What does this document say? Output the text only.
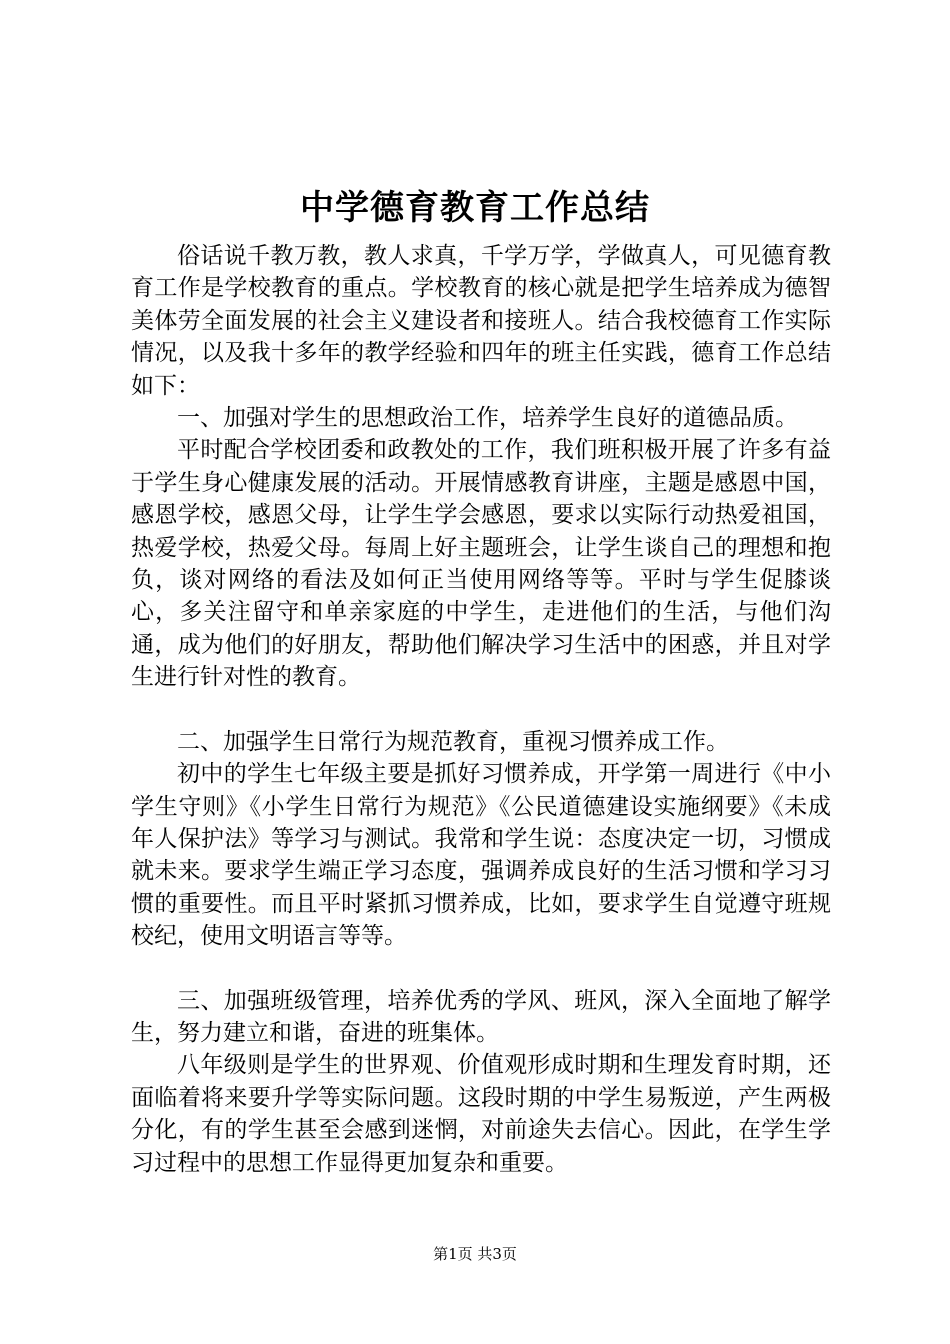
中学德育教育工作总结

俗话说千教万教，教人求真，千学万学，学做真人，可见德育教育工作是学校教育的重点。学校教育的核心就是把学生培养成为德智美体劳全面发展的社会主义建设者和接班人。结合我校德育工作实际情况，以及我十多年的教学经验和四年的班主任实践，德育工作总结如下：

一、加强对学生的思想政治工作，培养学生良好的道德品质。

平时配合学校团委和政教处的工作，我们班积极开展了许多有益于学生身心健康发展的活动。开展情感教育讲座，主题是感恩中国，感恩学校，感恩父母，让学生学会感恩，要求以实际行动热爱祖国，热爱学校，热爱父母。每周上好主题班会，让学生谈自己的理想和抱负，谈对网络的看法及如何正当使用网络等等。平时与学生促膝谈心，多关注留守和单亲家庭的中学生，走进他们的生活，与他们沟通，成为他们的好朋友，帮助他们解决学习生活中的困惑，并且对学生进行针对性的教育。

二、加强学生日常行为规范教育，重视习惯养成工作。

初中的学生七年级主要是抓好习惯养成，开学第一周进行《中小学生守则》《小学生日常行为规范》《公民道德建设实施纲要》《未成年人保护法》等学习与测试。我常和学生说：态度决定一切，习惯成就未来。要求学生端正学习态度，强调养成良好的生活习惯和学习习惯的重要性。而且平时紧抓习惯养成，比如，要求学生自觉遵守班规校纪，使用文明语言等等。

三、加强班级管理，培养优秀的学风、班风，深入全面地了解学生，努力建立和谐，奋进的班集体。

八年级则是学生的世界观、价值观形成时期和生理发育时期，还面临着将来要升学等实际问题。这段时期的中学生易叛逆，产生两极分化，有的学生甚至会感到迷惘，对前途失去信心。因此，在学生学习过程中的思想工作显得更加复杂和重要。

第1页 共3页
